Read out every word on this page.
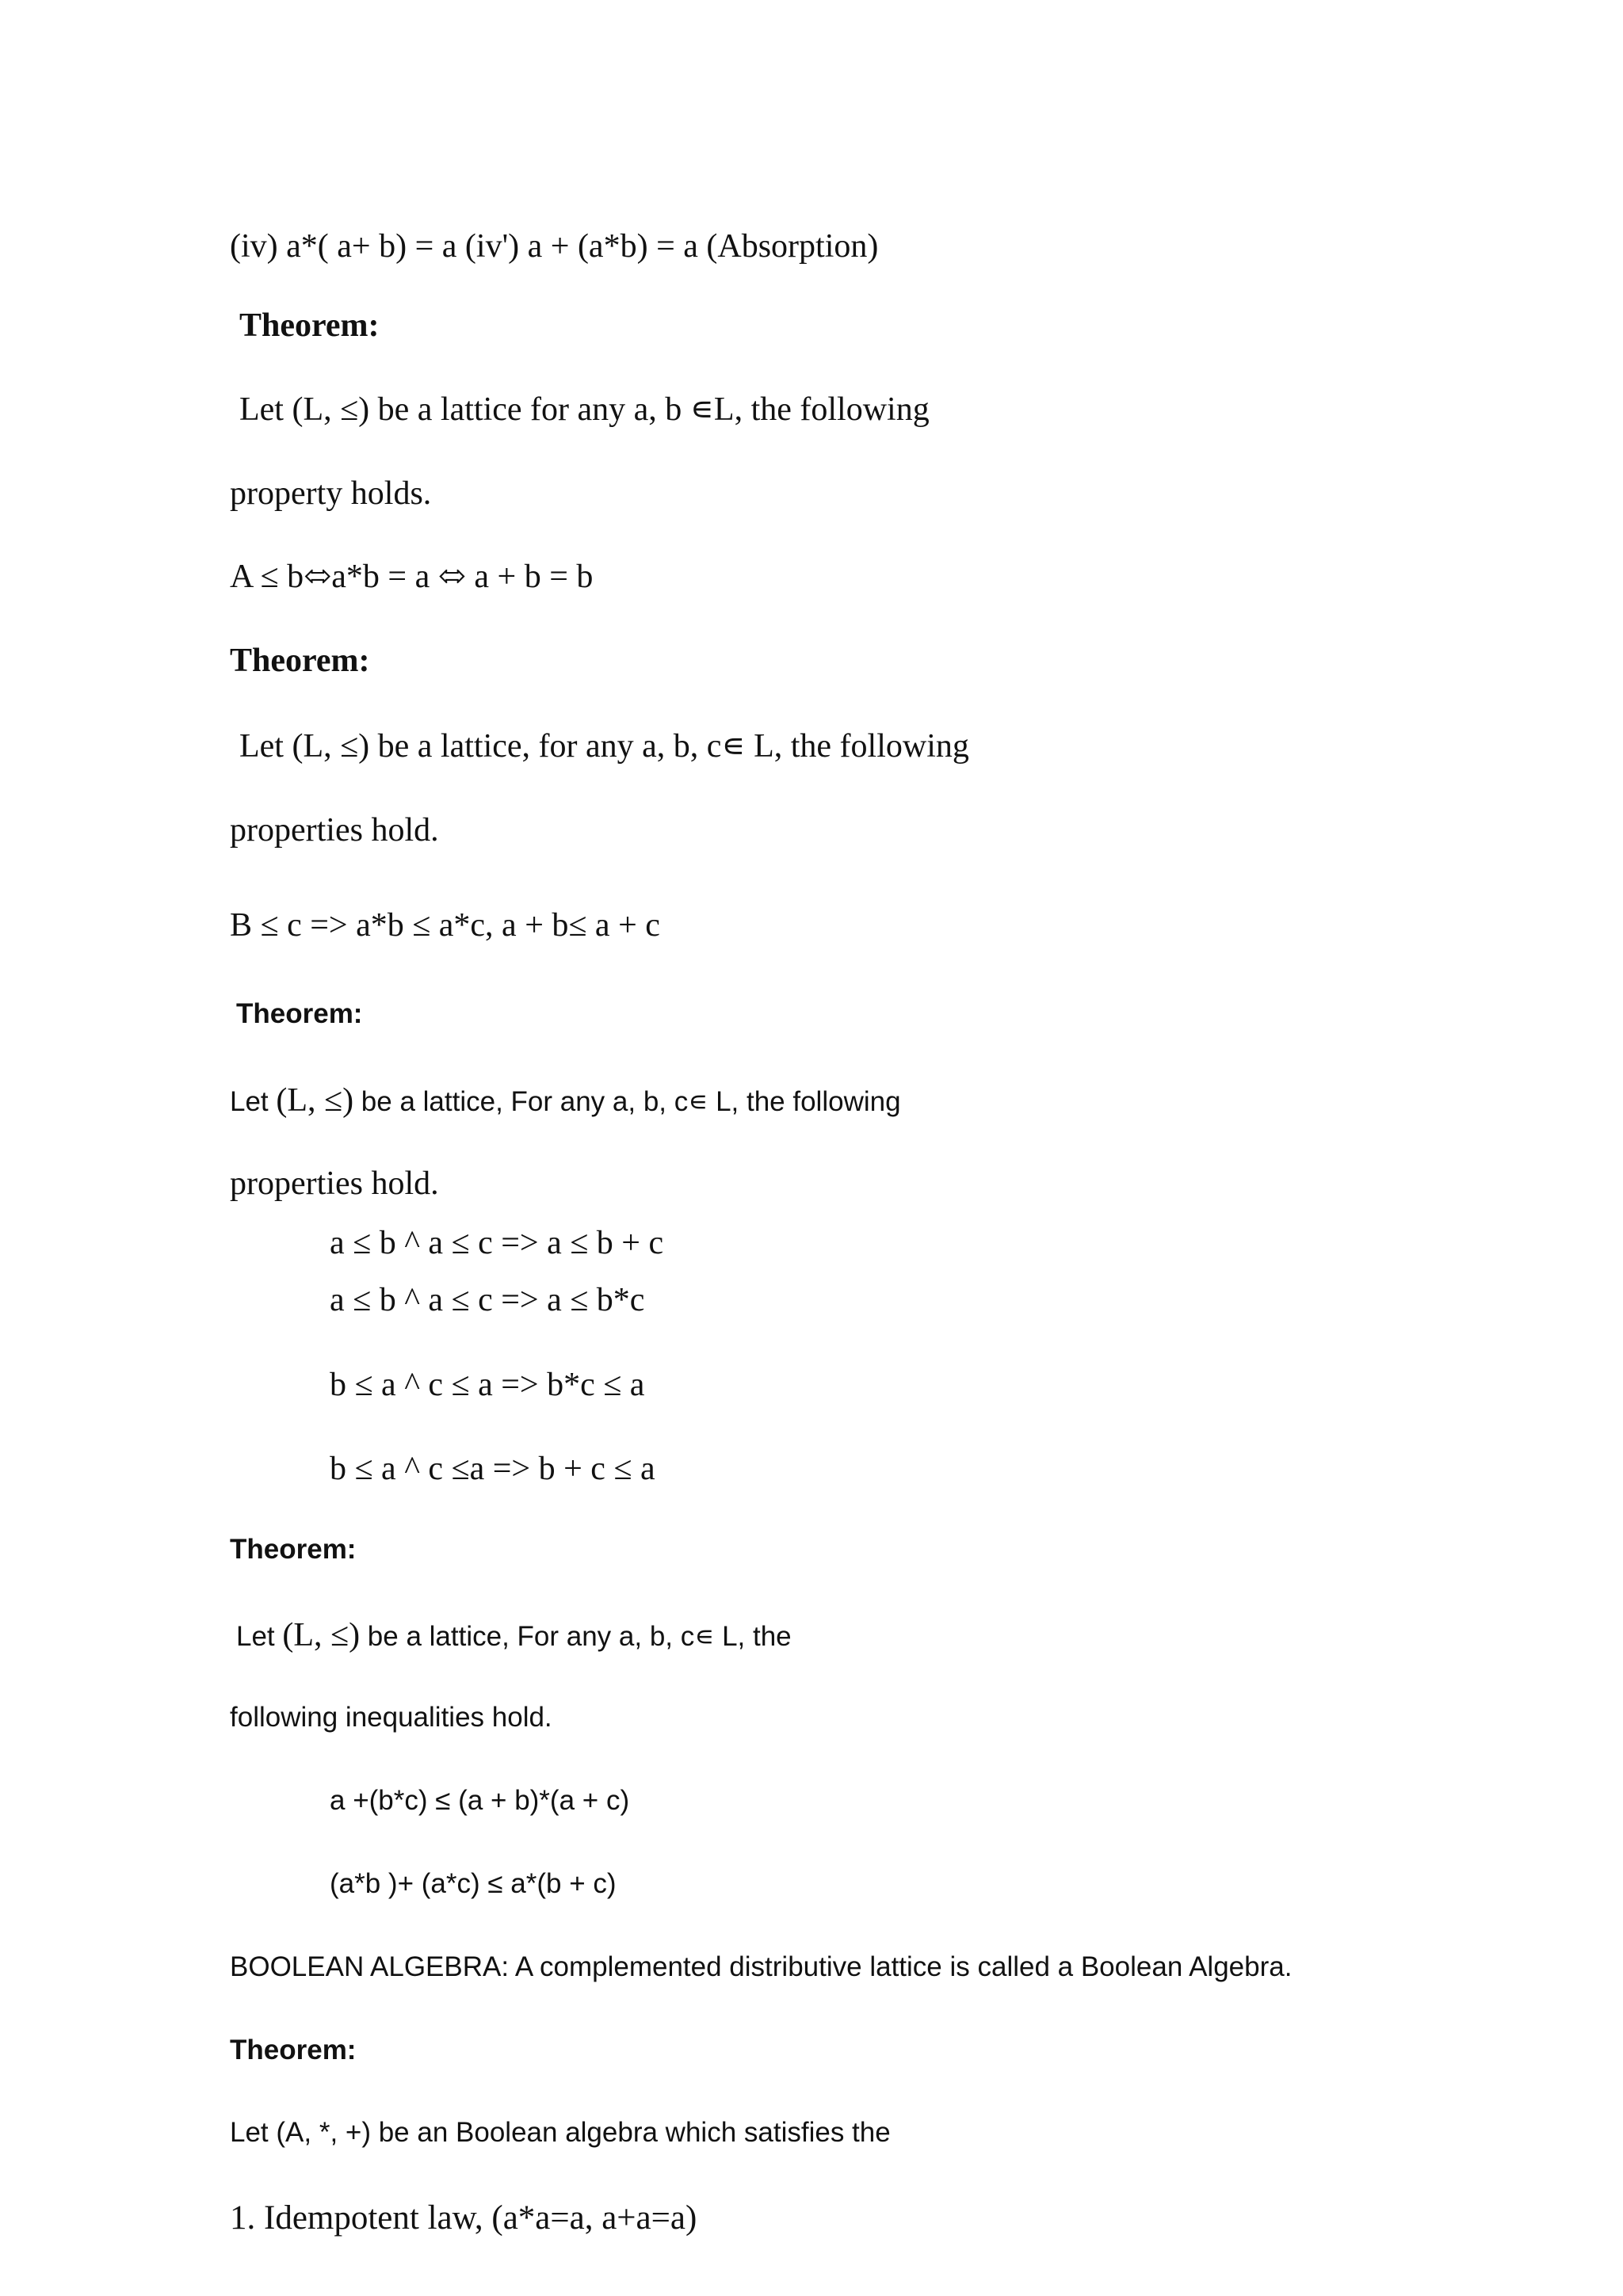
(iv) a*( a+ b) = a (iv') a + (a*b) = a (Absorption)
Theorem:
Let (L, ≤) be a lattice for any a, b ∊L, the following
property holds.
A ≤ b⬄a*b = a ⬄ a + b = b
Theorem:
Let (L, ≤) be a lattice, for any a, b, c∊ L, the following
properties hold.
B ≤ c => a*b ≤ a*c, a + b≤ a + c
Theorem:
Let (L, ≤) be a lattice, For any a, b, c∊ L, the following
properties hold.
a ≤ b ^ a ≤ c => a ≤ b + c
a ≤ b ^ a ≤ c => a ≤ b*c
b ≤ a ^ c ≤ a => b*c ≤ a
b ≤ a ^ c ≤a => b + c ≤ a
Theorem:
Let (L, ≤) be a lattice, For any a, b, c∊ L, the
following inequalities hold.
a +(b*c) ≤ (a + b)*(a + c)
(a*b )+ (a*c) ≤ a*(b + c)
BOOLEAN ALGEBRA: A complemented distributive lattice is called a Boolean Algebra.
Theorem:
Let (A, *, +) be an Boolean algebra which satisfies the
1. Idempotent law, (a*a=a, a+a=a)
